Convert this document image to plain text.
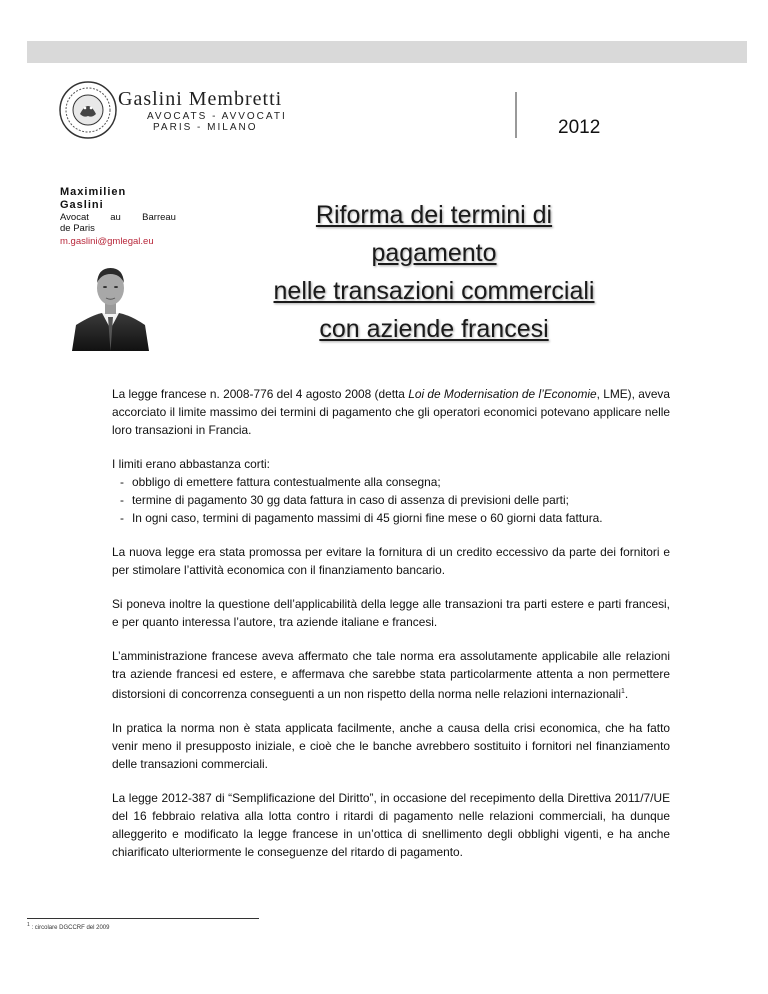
Gaslini Membretti
AVOCATS - AVVOCATI
PARIS - MILANO	2012
Maximilien
Gaslini
Avocat au Barreau
de Paris
m.gaslini@gmlegal.eu
Riforma dei termini di
pagamento
nelle transazioni commerciali
con aziende francesi

La legge francese n. 2008-776 del 4 agosto 2008 (detta Loi de Modernisation de l’Economie, LME), aveva accorciato il limite massimo dei termini di pagamento che gli operatori economici potevano applicare nelle loro transazioni in Francia.

I limiti erano abbastanza corti:
- obbligo di emettere fattura contestualmente alla consegna;
- termine di pagamento 30 gg data fattura in caso di assenza di previsioni delle parti;
- In ogni caso, termini di pagamento massimi di 45 giorni fine mese o 60 giorni data fattura.

La nuova legge era stata promossa per evitare la fornitura di un credito eccessivo da parte dei fornitori e per stimolare l’attività economica con il finanziamento bancario.

Si poneva inoltre la questione dell’applicabilità della legge alle transazioni tra parti estere e parti francesi, e per quanto interessa l’autore, tra aziende italiane e francesi.

L’amministrazione francese aveva affermato che tale norma era assolutamente applicabile alle relazioni tra aziende francesi ed estere, e affermava che sarebbe stata particolarmente attenta a non permettere distorsioni di concorrenza conseguenti a un non rispetto della norma nelle relazioni internazionali$^1$.

In pratica la norma non è stata applicata facilmente, anche a causa della crisi economica, che ha fatto venir meno il presupposto iniziale, e cioè che le banche avrebbero sostituito i fornitori nel finanziamento delle transazioni commerciali.

La legge 2012-387 di “Semplificazione del Diritto”, in occasione del recepimento della Direttiva 2011/7/UE del 16 febbraio relativa alla lotta contro i ritardi di pagamento nelle relazioni commerciali, ha dunque alleggerito e modificato la legge francese in un’ottica di snellimento degli obblighi vigenti, e ha anche chiarificato ulteriormente le conseguenze del ritardo di pagamento.

$^1$ : circolare DGCCRF del 2009
